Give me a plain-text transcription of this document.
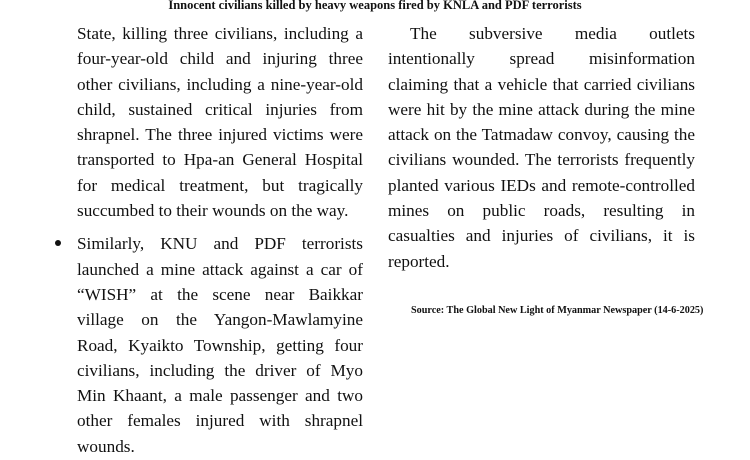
Innocent civilians killed by heavy weapons fired by KNLA and PDF terrorists

State, killing three civilians, including a four-year-old child and injuring three other civilians, including a nine-year-old child, sustained critical injuries from shrapnel. The three injured victims were transported to Hpa-an General Hospital for medical treatment, but tragically succumbed to their wounds on the way.

Similarly, KNU and PDF terrorists launched a mine attack against a car of “WISH” at the scene near Baikkar village on the Yangon-Mawlamyine Road, Kyaikto Township, getting four civilians, including the driver of Myo Min Khaant, a male passenger and two other females injured with shrapnel wounds.

The subversive media outlets intentionally spread misinformation claiming that a vehicle that carried civilians were hit by the mine attack during the mine attack on the Tatmadaw convoy, causing the civilians wounded. The terrorists frequently planted various IEDs and remote-controlled mines on public roads, resulting in casualties and injuries of civilians, it is reported.

Source: The Global New Light of Myanmar Newspaper (14-6-2025)
